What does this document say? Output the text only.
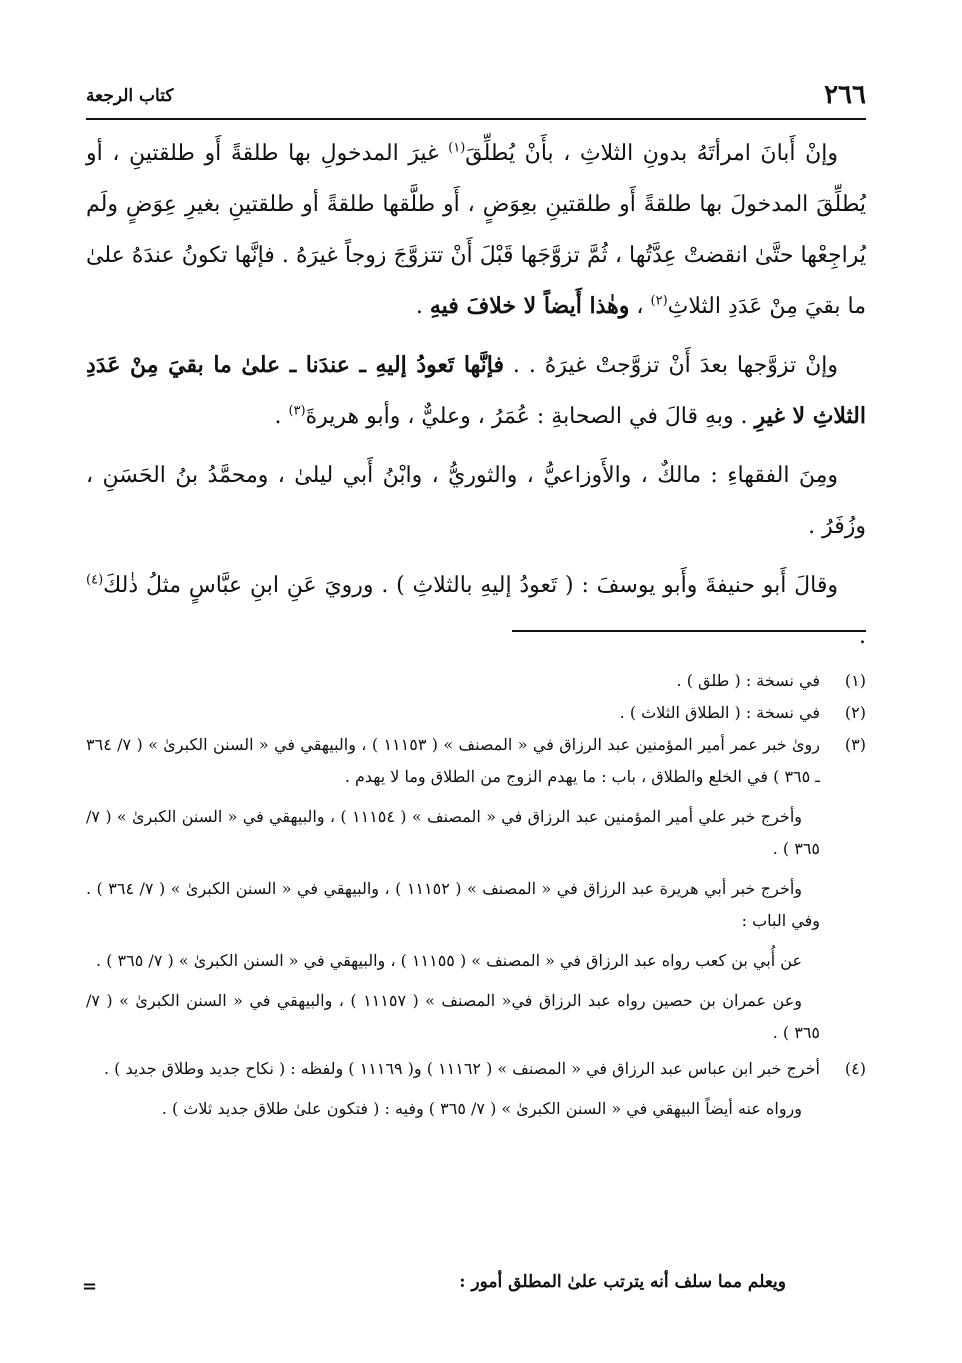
٢٦٦
كتاب الرجعة

وإنْ أَبانَ امرأتَهُ بدونِ الثلاثِ ، بأَنْ يُطلِّقَ$^{(١)}$ غيرَ المدخولِ بها طلقةً أَو طلقتينِ ، أو يُطلِّقَ المدخولَ بها طلقةً أَو طلقتينِ بعِوَضٍ ، أَو طلَّقها طلقةً أو طلقتينِ بغيرِ عِوَضٍ ولَم يُراجِعْها حتَّىٰ انقضتْ عِدَّتُها ، ثُمَّ تزوَّجَها قَبْلَ أَنْ تتزوَّجَ زوجاً غيرَهُ . فإنَّها تكونُ عندَهُ علىٰ ما بقيَ مِنْ عَدَدِ الثلاثِ$^{(٢)}$ ، وهٰذا أَيضاً لا خلافَ فيهِ .

وإنْ تزوَّجها بعدَ أَنْ تزوَّجتْ غيرَهُ . . فإنَّها تَعودُ إليهِ ـ عندَنا ـ علىٰ ما بقيَ مِنْ عَدَدِ الثلاثِ لا غيرِ . وبهِ قالَ في الصحابةِ : عُمَرُ ، وعليٌّ ، وأبو هريرةَ$^{(٣)}$ .

ومِنَ الفقهاءِ : مالكٌ ، والأَوزاعيُّ ، والثوريُّ ، وابْنُ أَبي ليلىٰ ، ومحمَّدُ بنُ الحَسَنِ ، وزُفَرُ .

وقالَ أَبو حنيفةَ وأَبو يوسفَ : ( تَعودُ إليهِ بالثلاثِ ) . ورويَ عَنِ ابنِ عبَّاسٍ مثلُ ذٰلكَ$^{(٤)}$ .

(١)

في نسخة : ( طلق ) .

(٢)

في نسخة : ( الطلاق الثلاث ) .

(٣)

رویٰ خبر عمر أمير المؤمنين عبد الرزاق في « المصنف » ( ١١١٥٣ ) ، والبيهقي في « السنن الكبرىٰ » ( ٧/ ٣٦٤ ـ ٣٦٥ ) في الخلع والطلاق ، باب : ما يهدم الزوج من الطلاق وما لا يهدم .

وأخرج خبر علي أمير المؤمنين عبد الرزاق في « المصنف » ( ١١١٥٤ ) ، والبيهقي في « السنن الكبرىٰ » ( ٧/ ٣٦٥ ) .

وأخرج خبر أبي هريرة عبد الرزاق في « المصنف » ( ١١١٥٢ ) ، والبيهقي في « السنن الكبرىٰ » ( ٧/ ٣٦٤ ) . وفي الباب :

عن أُبي بن كعب رواه عبد الرزاق في « المصنف » ( ١١١٥٥ ) ، والبيهقي في « السنن الكبرىٰ » ( ٧/ ٣٦٥ ) .

وعن عمران بن حصين رواه عبد الرزاق في« المصنف » ( ١١١٥٧ ) ، والبيهقي في « السنن الكبرىٰ » ( ٧/ ٣٦٥ ) .

(٤)

أخرج خبر ابن عباس عبد الرزاق في « المصنف » ( ١١١٦٢ ) و( ١١١٦٩ ) ولفظه : ( نكاح جديد وطلاق جديد ) .

ورواه عنه أيضاً البيهقي في « السنن الكبرىٰ » ( ٧/ ٣٦٥ ) وفيه : ( فتكون علىٰ طلاق جديد ثلاث ) .

ويعلم مما سلف أنه يترتب علىٰ المطلق أمور :
=
